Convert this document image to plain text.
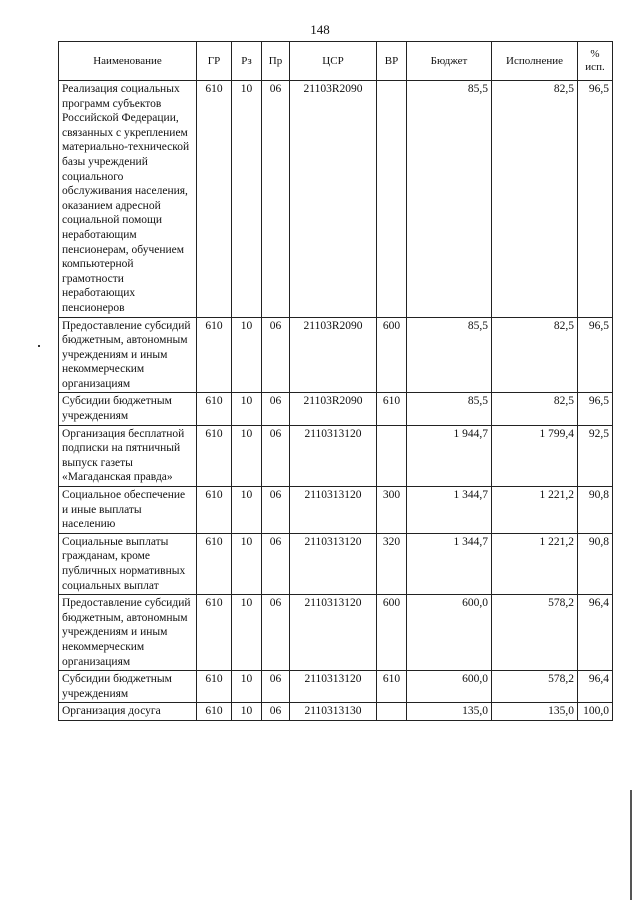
148
Наименование	ГР	Рз	Пр	ЦСР	ВР	Бюджет	Исполнение	%
исп.

Реализация социальных программ субъектов Российской Федерации, связанных с укреплением материально-технической базы учреждений социального обслуживания населения, оказанием адресной социальной помощи неработающим пенсионерам, обучением компьютерной грамотности неработающих пенсионеров	610	10	06	21103R2090		85,5	82,5	96,5
Предоставление субсидий бюджетным, автономным учреждениям и иным некоммерческим организациям	610	10	06	21103R2090	600	85,5	82,5	96,5
Субсидии бюджетным учреждениям	610	10	06	21103R2090	610	85,5	82,5	96,5
Организация бесплатной подписки на пятничный выпуск газеты «Магаданская правда»	610	10	06	2110313120		1 944,7	1 799,4	92,5
Социальное обеспечение и иные выплаты населению	610	10	06	2110313120	300	1 344,7	1 221,2	90,8
Социальные выплаты гражданам, кроме публичных нормативных социальных выплат	610	10	06	2110313120	320	1 344,7	1 221,2	90,8
Предоставление субсидий бюджетным, автономным учреждениям и иным некоммерческим организациям	610	10	06	2110313120	600	600,0	578,2	96,4
Субсидии бюджетным учреждениям	610	10	06	2110313120	610	600,0	578,2	96,4
Организация досуга	610	10	06	2110313130		135,0	135,0	100,0
